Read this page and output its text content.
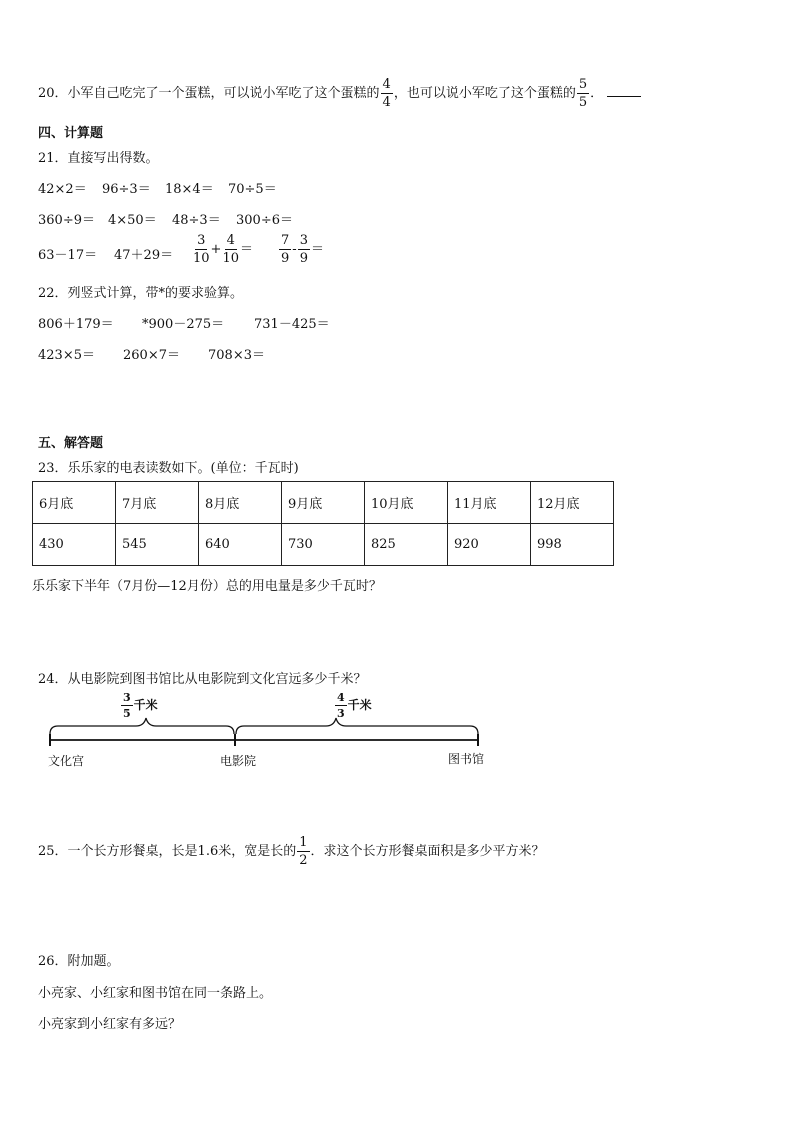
20．小军自己吃完了一个蛋糕，可以说小军吃了这个蛋糕的 $\frac{4}{4}$ ，也可以说小军吃了这个蛋糕的 $\frac{5}{5}$ ．
四、计算题
21．直接写出得数。
42×2＝ 96÷3＝ 18×4＝ 70÷5＝
360÷9＝ 4×50＝ 48÷3＝ 300÷6＝
$63-17= 47+29= \frac{3}{10} + \frac{4}{10} = \frac{7}{9} - \frac{3}{9}$ ＝
22．列竖式计算，带*的要求验算。
806＋179＝ *900－275＝ 731－425＝
423×5＝ 260×7＝ 708×3＝
五、解答题
23．乐乐家的电表读数如下。(单位：千瓦时)
6月底	7月底	8月底	9月底	10月底	11月底	12月底
430	545	640	730	825	920	998
乐乐家下半年（7月份—12月份）总的用电量是多少千瓦时？
24．从电影院到图书馆比从电影院到文化宫远多少千米？
$\frac{3}{5}$ 千米	$\frac{4}{3}$ 千米
文化宫	电影院	图书馆
25．一个长方形餐桌，长是1.6米，宽是长的 $\frac{1}{2}$ ．求这个长方形餐桌面积是多少平方米？
26．附加题。
小亮家、小红家和图书馆在同一条路上。
小亮家到小红家有多远？
